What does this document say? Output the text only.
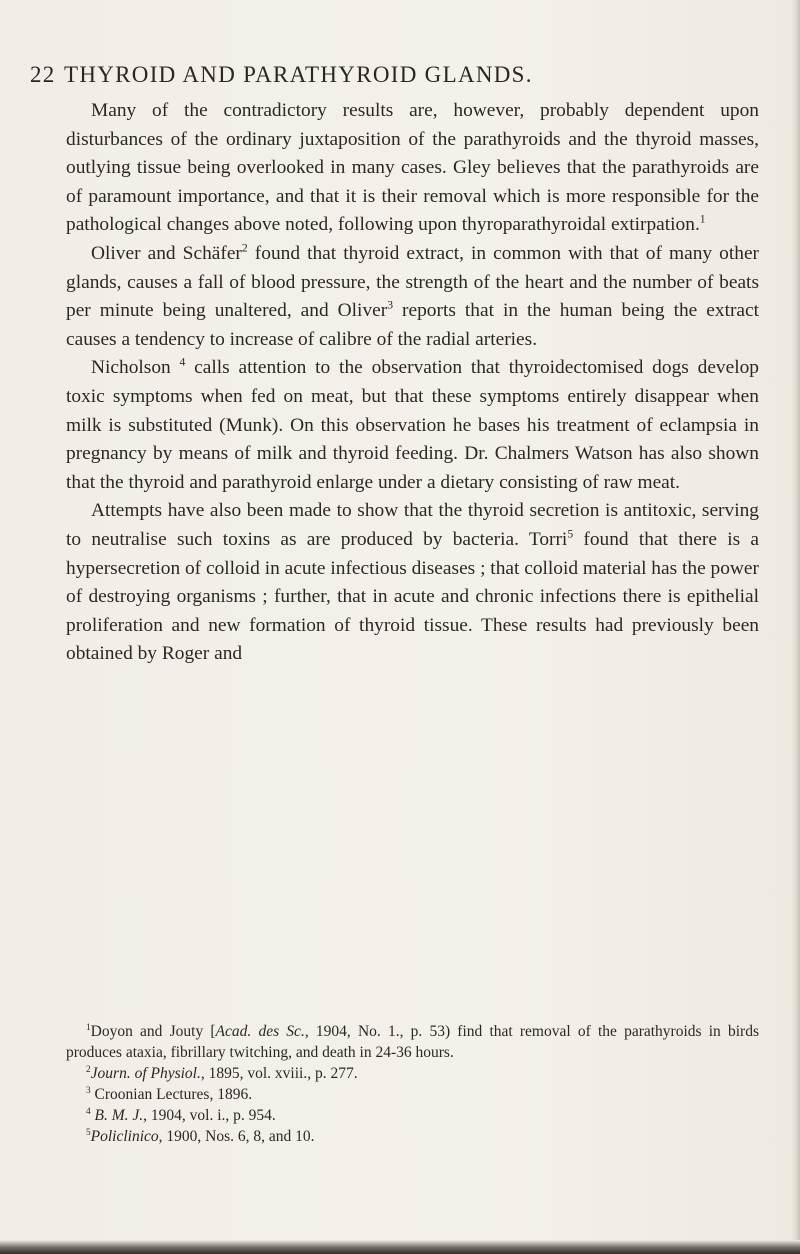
22 THYROID AND PARATHYROID GLANDS.

Many of the contradictory results are, however, probably dependent upon disturbances of the ordinary juxtaposition of the parathyroids and the thyroid masses, outlying tissue being overlooked in many cases. Gley believes that the parathyroids are of paramount importance, and that it is their removal which is more responsible for the pathological changes above noted, following upon thyroparathyroidal extirpation.$^1$

Oliver and Schäfer$^2$ found that thyroid extract, in common with that of many other glands, causes a fall of blood pressure, the strength of the heart and the number of beats per minute being unaltered, and Oliver$^3$ reports that in the human being the extract causes a tendency to increase of calibre of the radial arteries.

Nicholson $^4$ calls attention to the observation that thyroidectomised dogs develop toxic symptoms when fed on meat, but that these symptoms entirely disappear when milk is substituted (Munk). On this observation he bases his treatment of eclampsia in pregnancy by means of milk and thyroid feeding. Dr. Chalmers Watson has also shown that the thyroid and parathyroid enlarge under a dietary consisting of raw meat.

Attempts have also been made to show that the thyroid secretion is antitoxic, serving to neutralise such toxins as are produced by bacteria. Torri$^5$ found that there is a hypersecretion of colloid in acute infectious diseases ; that colloid material has the power of destroying organisms ; further, that in acute and chronic infections there is epithelial proliferation and new formation of thyroid tissue. These results had previously been obtained by Roger and

$^1$Doyon and Jouty [Acad. des Sc., 1904, No. 1., p. 53) find that removal of the parathyroids in birds produces ataxia, fibrillary twitching, and death in 24-36 hours.

$^2$Journ. of Physiol., 1895, vol. xviii., p. 277.

$^3$ Croonian Lectures, 1896.

$^4$ B. M. J., 1904, vol. i., p. 954.

$^5$Policlinico, 1900, Nos. 6, 8, and 10.
